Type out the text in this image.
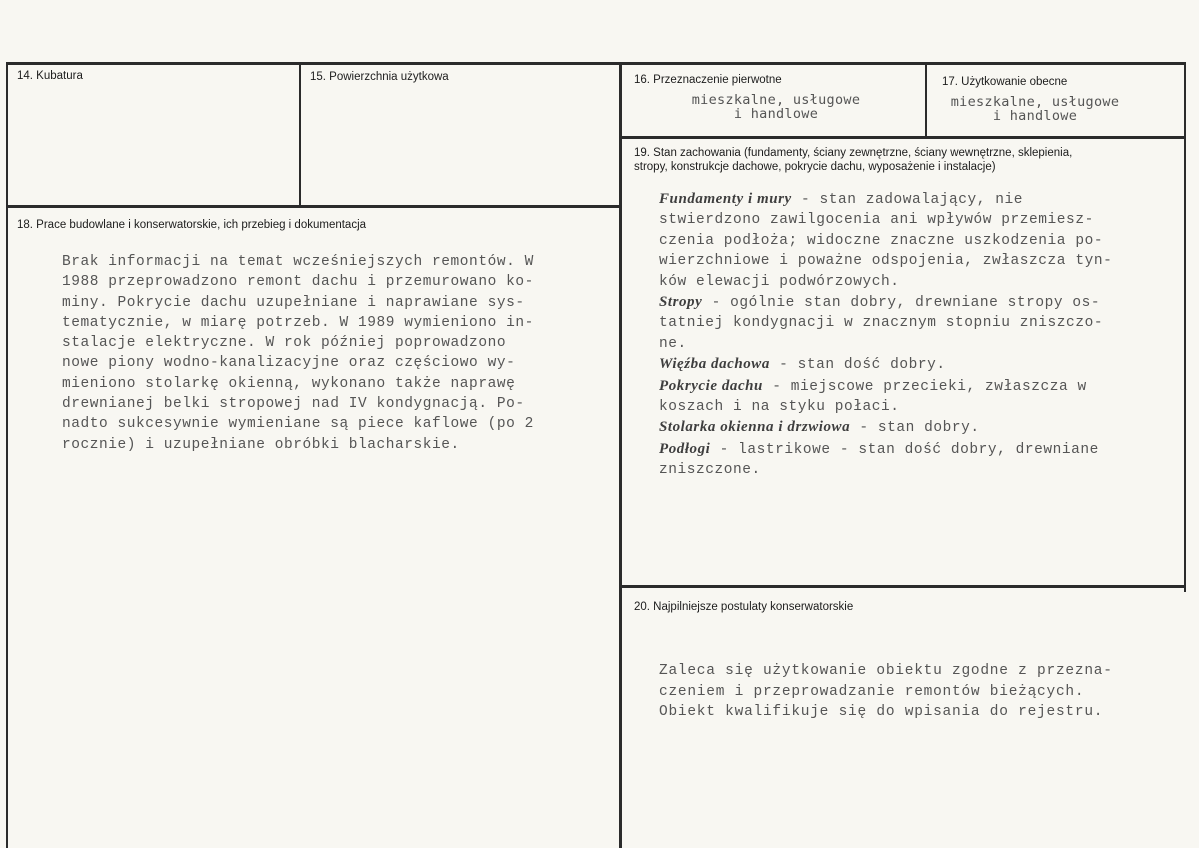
14. Kubatura	15. Powierzchnia użytkowa	16. Przeznaczenie pierwotne

mieszkalne, usługowe

i handlowe

17. Użytkowanie obecne

mieszkalne, usługowe

i handlowe

18. Prace budowlane i konserwatorskie, ich przebieg i dokumentacja

Brak informacji na temat wcześniejszych remontów. W

1988 przeprowadzono remont dachu i przemurowano ko-

miny. Pokrycie dachu uzupełniane i naprawiane sys-

tematycznie, w miarę potrzeb. W 1989 wymieniono in-

stalacje elektryczne. W rok później poprowadzono

nowe piony wodno-kanalizacyjne oraz częściowo wy-

mieniono stolarkę okienną, wykonano także naprawę

drewnianej belki stropowej nad IV kondygnacją. Po-

nadto sukcesywnie wymieniane są piece kaflowe (po 2

rocznie) i uzupełniane obróbki blacharskie.

19. Stan zachowania (fundamenty, ściany zewnętrzne, ściany wewnętrzne, sklepienia,
stropy, konstrukcje dachowe, pokrycie dachu, wyposażenie i instalacje)

Fundamenty i mury - stan zadowalający, nie

stwierdzono zawilgocenia ani wpływów przemiesz-

czenia podłoża; widoczne znaczne uszkodzenia po-

wierzchniowe i poważne odspojenia, zwłaszcza tyn-

ków elewacji podwórzowych.

Stropy - ogólnie stan dobry, drewniane stropy os-

tatniej kondygnacji w znacznym stopniu zniszczo-

ne.

Więźba dachowa - stan dość dobry.

Pokrycie dachu - miejscowe przecieki, zwłaszcza w

koszach i na styku połaci.

Stolarka okienna i drzwiowa - stan dobry.

Podłogi - lastrikowe - stan dość dobry, drewniane

zniszczone.

20. Najpilniejsze postulaty konserwatorskie

Zaleca się użytkowanie obiektu zgodne z przezna-

czeniem i przeprowadzanie remontów bieżących.

Obiekt kwalifikuje się do wpisania do rejestru.
